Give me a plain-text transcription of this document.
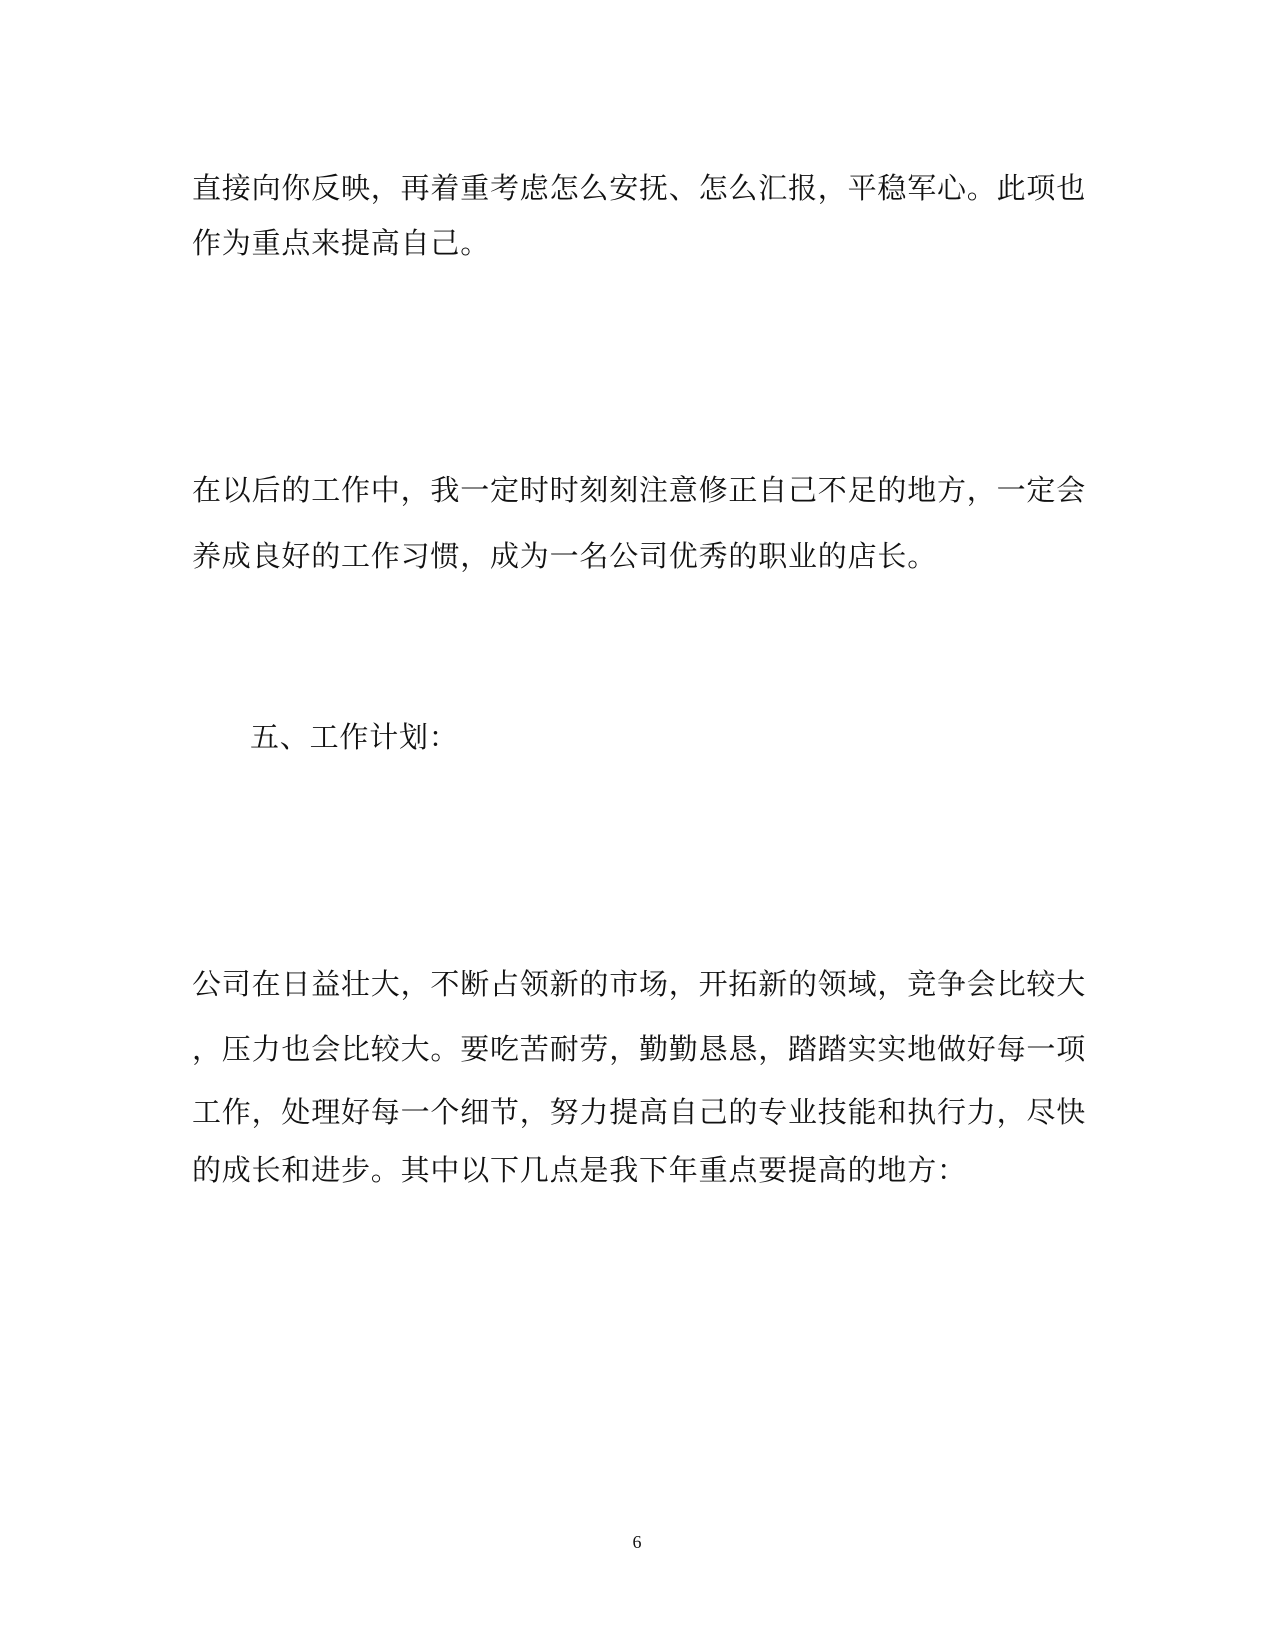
直接向你反映，再着重考虑怎么安抚、怎么汇报，平稳军心。此项也
作为重点来提高自己。
在以后的工作中，我一定时时刻刻注意修正自己不足的地方，一定会
养成良好的工作习惯，成为一名公司优秀的职业的店长。
五、工作计划：
公司在日益壮大，不断占领新的市场，开拓新的领域，竞争会比较大
，压力也会比较大。要吃苦耐劳，勤勤恳恳，踏踏实实地做好每一项
工作，处理好每一个细节，努力提高自己的专业技能和执行力，尽快
的成长和进步。其中以下几点是我下年重点要提高的地方：
6
